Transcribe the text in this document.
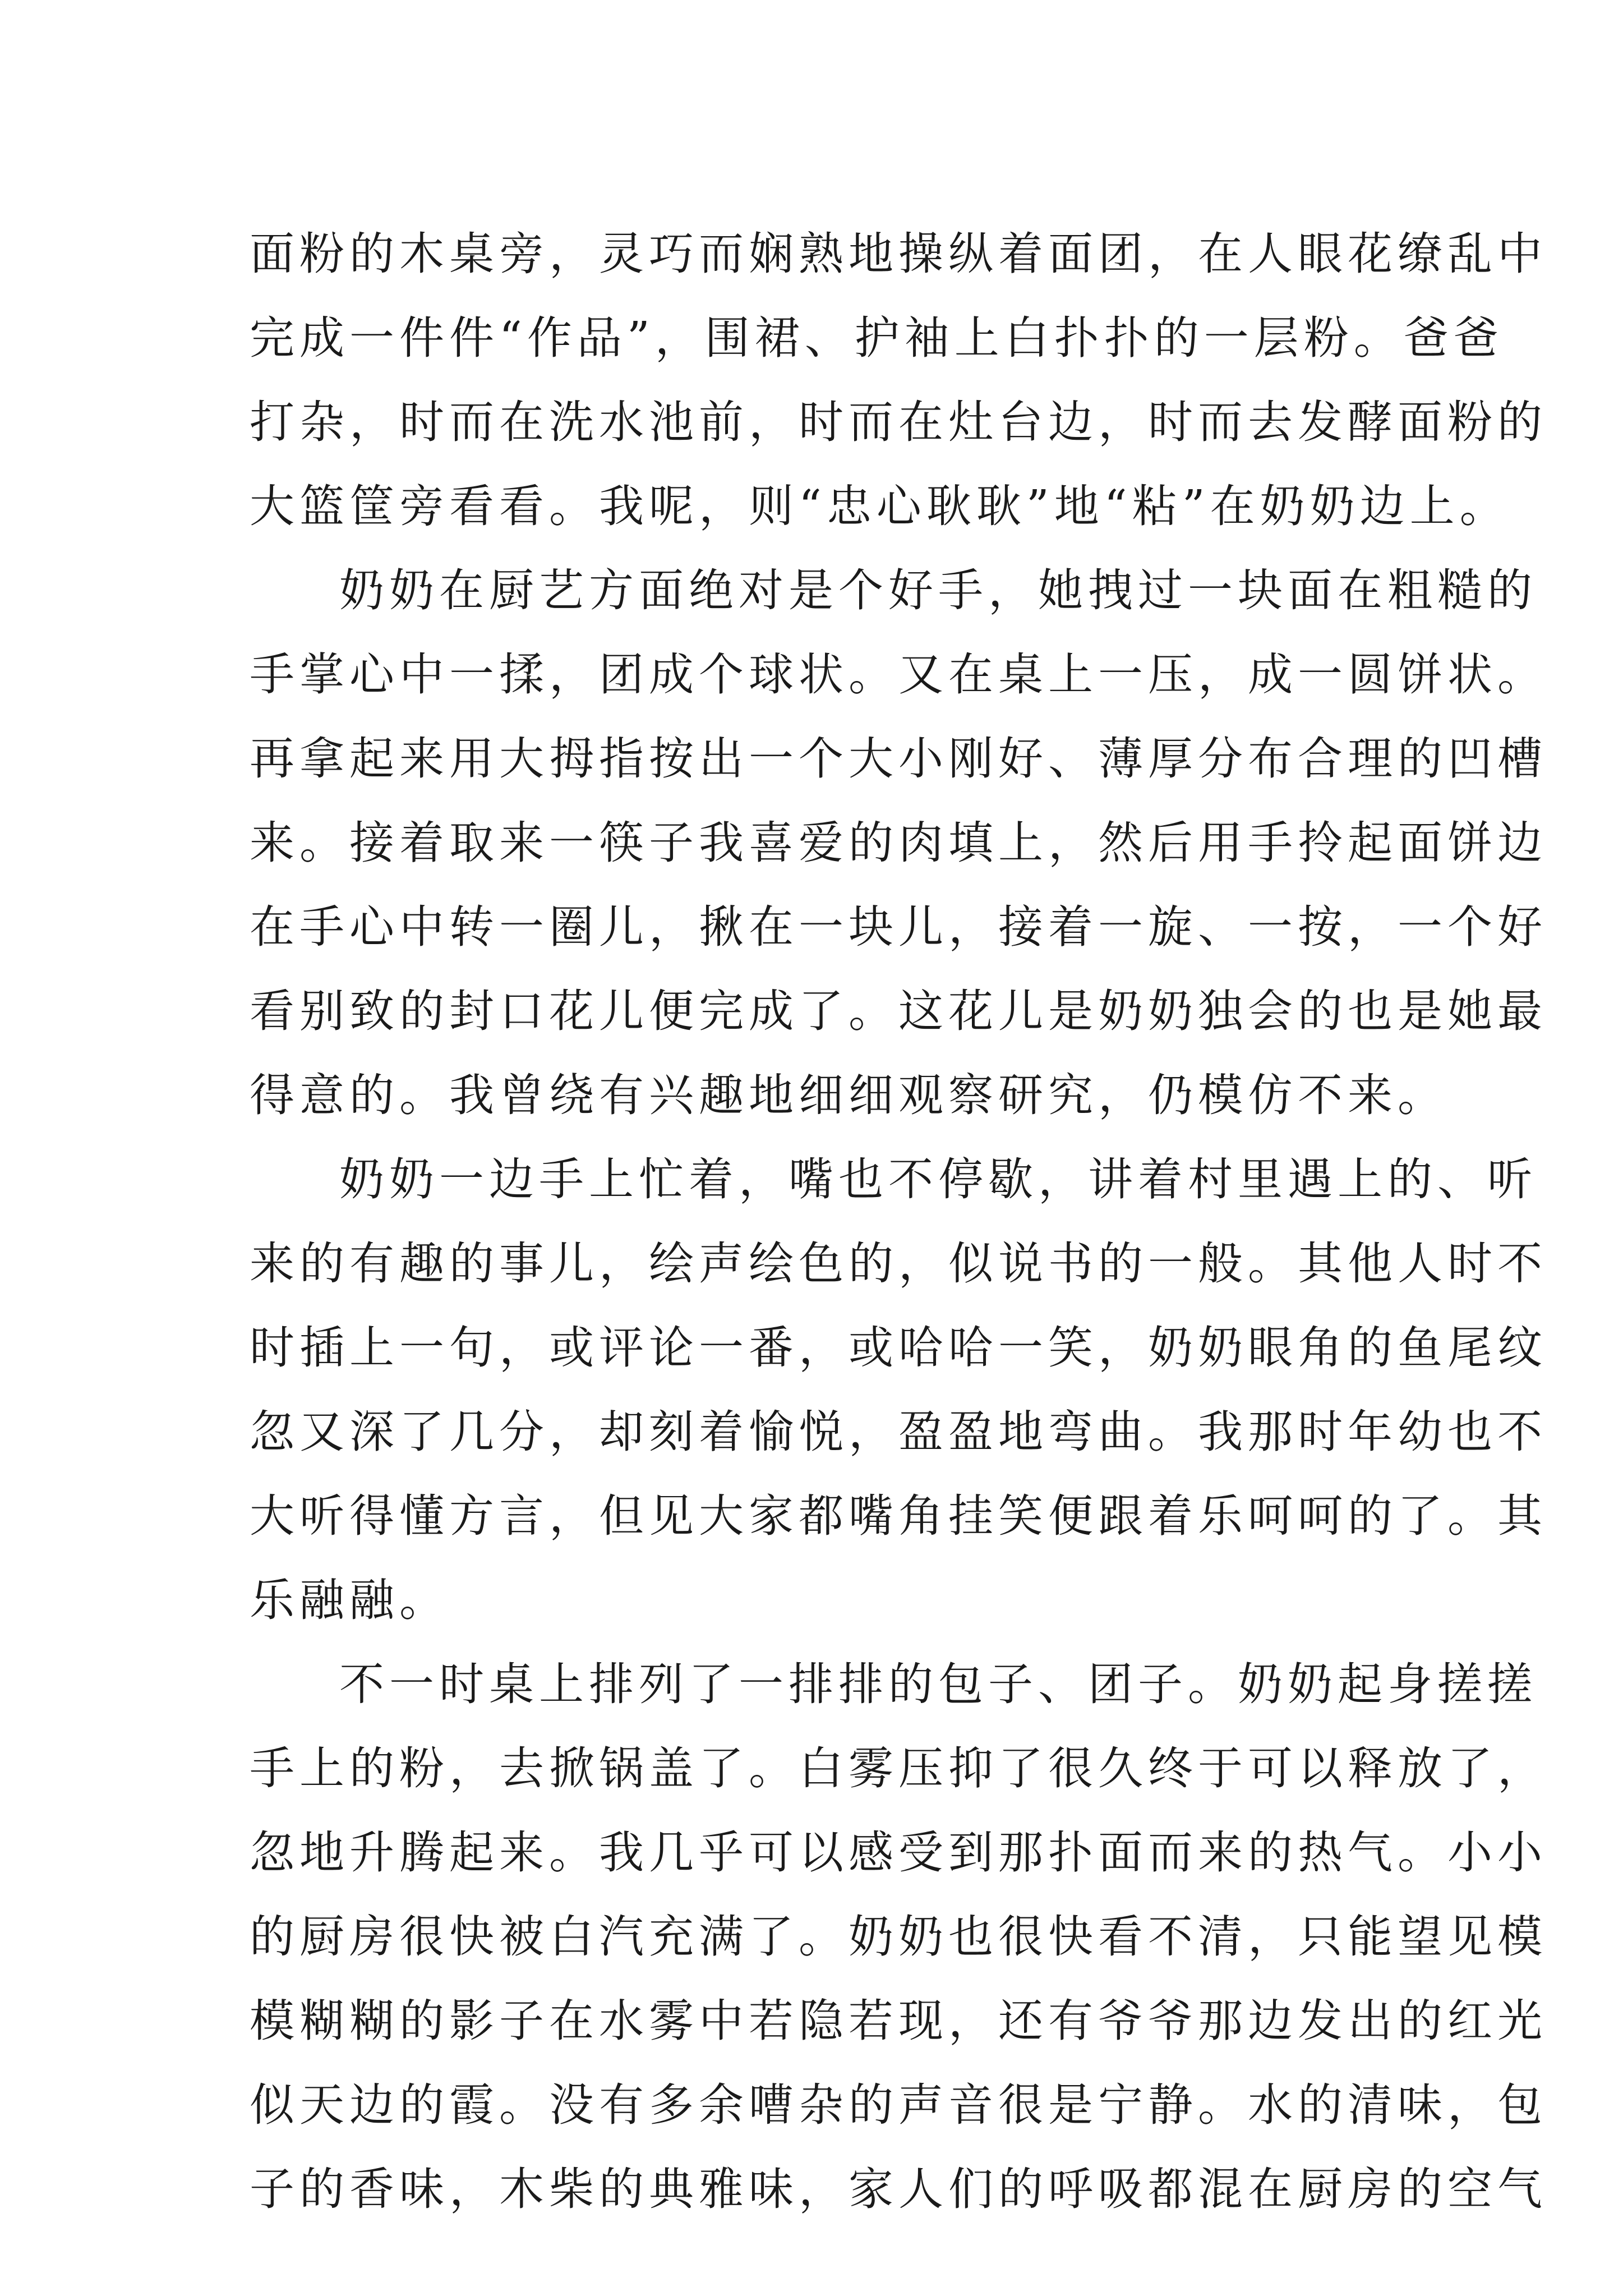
面粉的木桌旁，灵巧而娴熟地操纵着面团，在人眼花缭乱中
完成一件件“作品”，围裙、护袖上白扑扑的一层粉。爸爸
打杂，时而在洗水池前，时而在灶台边，时而去发酵面粉的
大篮筐旁看看。我呢，则“忠心耿耿”地“粘”在奶奶边上。
奶奶在厨艺方面绝对是个好手，她拽过一块面在粗糙的
手掌心中一揉，团成个球状。又在桌上一压，成一圆饼状。
再拿起来用大拇指按出一个大小刚好、薄厚分布合理的凹槽
来。接着取来一筷子我喜爱的肉填上，然后用手拎起面饼边
在手心中转一圈儿，揪在一块儿，接着一旋、一按，一个好
看别致的封口花儿便完成了。这花儿是奶奶独会的也是她最
得意的。我曾绕有兴趣地细细观察研究，仍模仿不来。
奶奶一边手上忙着，嘴也不停歇，讲着村里遇上的、听
来的有趣的事儿，绘声绘色的，似说书的一般。其他人时不
时插上一句，或评论一番，或哈哈一笑，奶奶眼角的鱼尾纹
忽又深了几分，却刻着愉悦，盈盈地弯曲。我那时年幼也不
大听得懂方言，但见大家都嘴角挂笑便跟着乐呵呵的了。其
乐融融。
不一时桌上排列了一排排的包子、团子。奶奶起身搓搓
手上的粉，去掀锅盖了。白雾压抑了很久终于可以释放了，
忽地升腾起来。我几乎可以感受到那扑面而来的热气。小小
的厨房很快被白汽充满了。奶奶也很快看不清，只能望见模
模糊糊的影子在水雾中若隐若现，还有爷爷那边发出的红光
似天边的霞。没有多余嘈杂的声音很是宁静。水的清味，包
子的香味，木柴的典雅味，家人们的呼吸都混在厨房的空气
